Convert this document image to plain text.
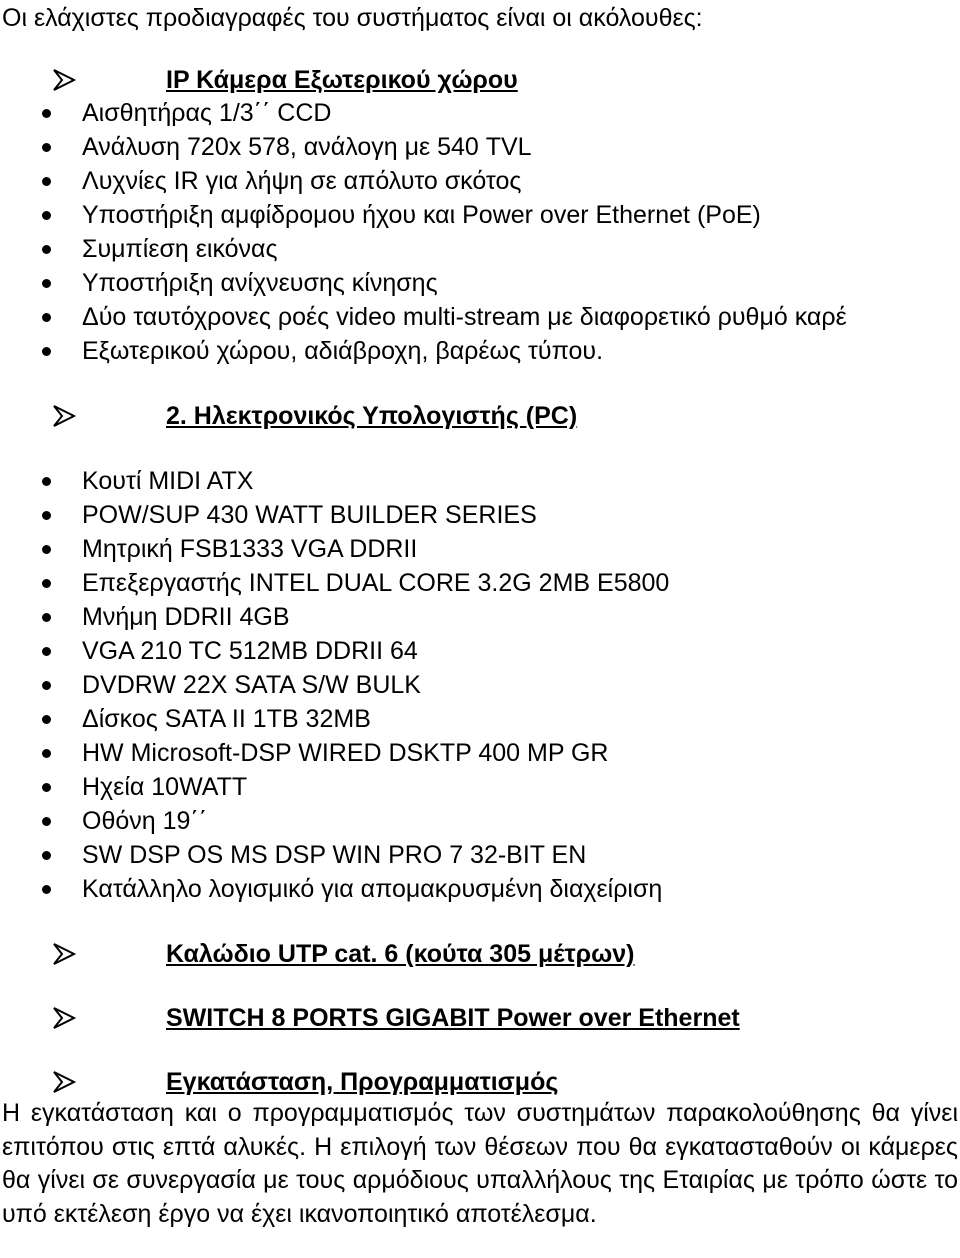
Οι ελάχιστες προδιαγραφές του συστήματος είναι οι ακόλουθες:
IP Κάμερα Εξωτερικού χώρου
Αισθητήρας 1/3΄΄ CCD
Ανάλυση 720x 578, ανάλογη με 540 TVL
Λυχνίες IR για λήψη σε απόλυτο σκότος
Υποστήριξη αμφίδρομου ήχου και Power over Ethernet (PoE)
Συμπίεση εικόνας
Υποστήριξη ανίχνευσης κίνησης
Δύο ταυτόχρονες ροές video multi-stream με διαφορετικό ρυθμό καρέ
Εξωτερικού χώρου, αδιάβροχη, βαρέως τύπου.
2. Ηλεκτρονικός Υπολογιστής (PC)
Κουτί MIDI ATX
POW/SUP 430 WATT BUILDER SERIES
Μητρική FSB1333 VGA DDRII
Επεξεργαστής INTEL DUAL CORE 3.2G 2MB E5800
Μνήμη DDRII 4GB
VGA 210 TC 512MB DDRII 64
DVDRW 22X SATA S/W BULK
Δίσκος SATA II 1TB 32MB
HW Microsoft-DSP WIRED DSKTP 400 MP GR
Ηχεία 10WATT
Οθόνη 19΄΄
SW DSP OS MS DSP WIN PRO 7 32-BIT EN
Κατάλληλο λογισμικό για απομακρυσμένη διαχείριση
Καλώδιο UTP cat. 6 (κούτα 305 μέτρων)
SWITCH 8 PORTS GIGABIT Power over Ethernet
Εγκατάσταση, Προγραμματισμός

Η εγκατάσταση και ο προγραμματισμός των συστημάτων παρακολούθησης θα γίνει επιτόπου στις επτά αλυκές. Η επιλογή των θέσεων που θα εγκατασταθούν οι κάμερες θα γίνει σε συνεργασία με τους αρμόδιους υπαλλήλους της Εταιρίας με τρόπο ώστε το υπό εκτέλεση έργο να έχει ικανοποιητικό αποτέλεσμα.
